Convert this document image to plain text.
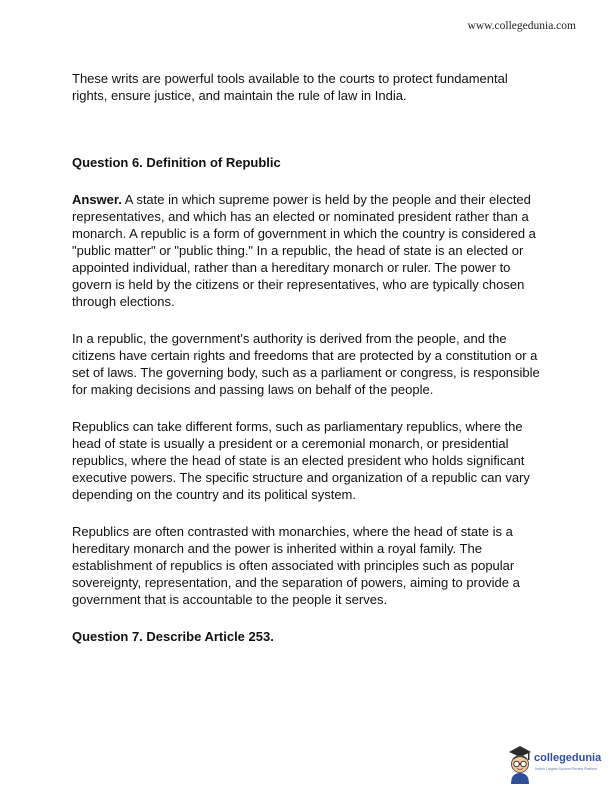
www.collegedunia.com

These writs are powerful tools available to the courts to protect fundamental rights, ensure justice, and maintain the rule of law in India.

Question 6. Definition of Republic

Answer. A state in which supreme power is held by the people and their elected representatives, and which has an elected or nominated president rather than a monarch. A republic is a form of government in which the country is considered a "public matter" or "public thing." In a republic, the head of state is an elected or appointed individual, rather than a hereditary monarch or ruler. The power to govern is held by the citizens or their representatives, who are typically chosen through elections.

In a republic, the government's authority is derived from the people, and the citizens have certain rights and freedoms that are protected by a constitution or a set of laws. The governing body, such as a parliament or congress, is responsible for making decisions and passing laws on behalf of the people.

Republics can take different forms, such as parliamentary republics, where the head of state is usually a president or a ceremonial monarch, or presidential republics, where the head of state is an elected president who holds significant executive powers. The specific structure and organization of a republic can vary depending on the country and its political system.

Republics are often contrasted with monarchies, where the head of state is a hereditary monarch and the power is inherited within a royal family. The establishment of republics is often associated with principles such as popular sovereignty, representation, and the separation of powers, aiming to provide a government that is accountable to the people it serves.

Question 7. Describe Article 253.
collegedunia
India's Largest Student Review Platform
